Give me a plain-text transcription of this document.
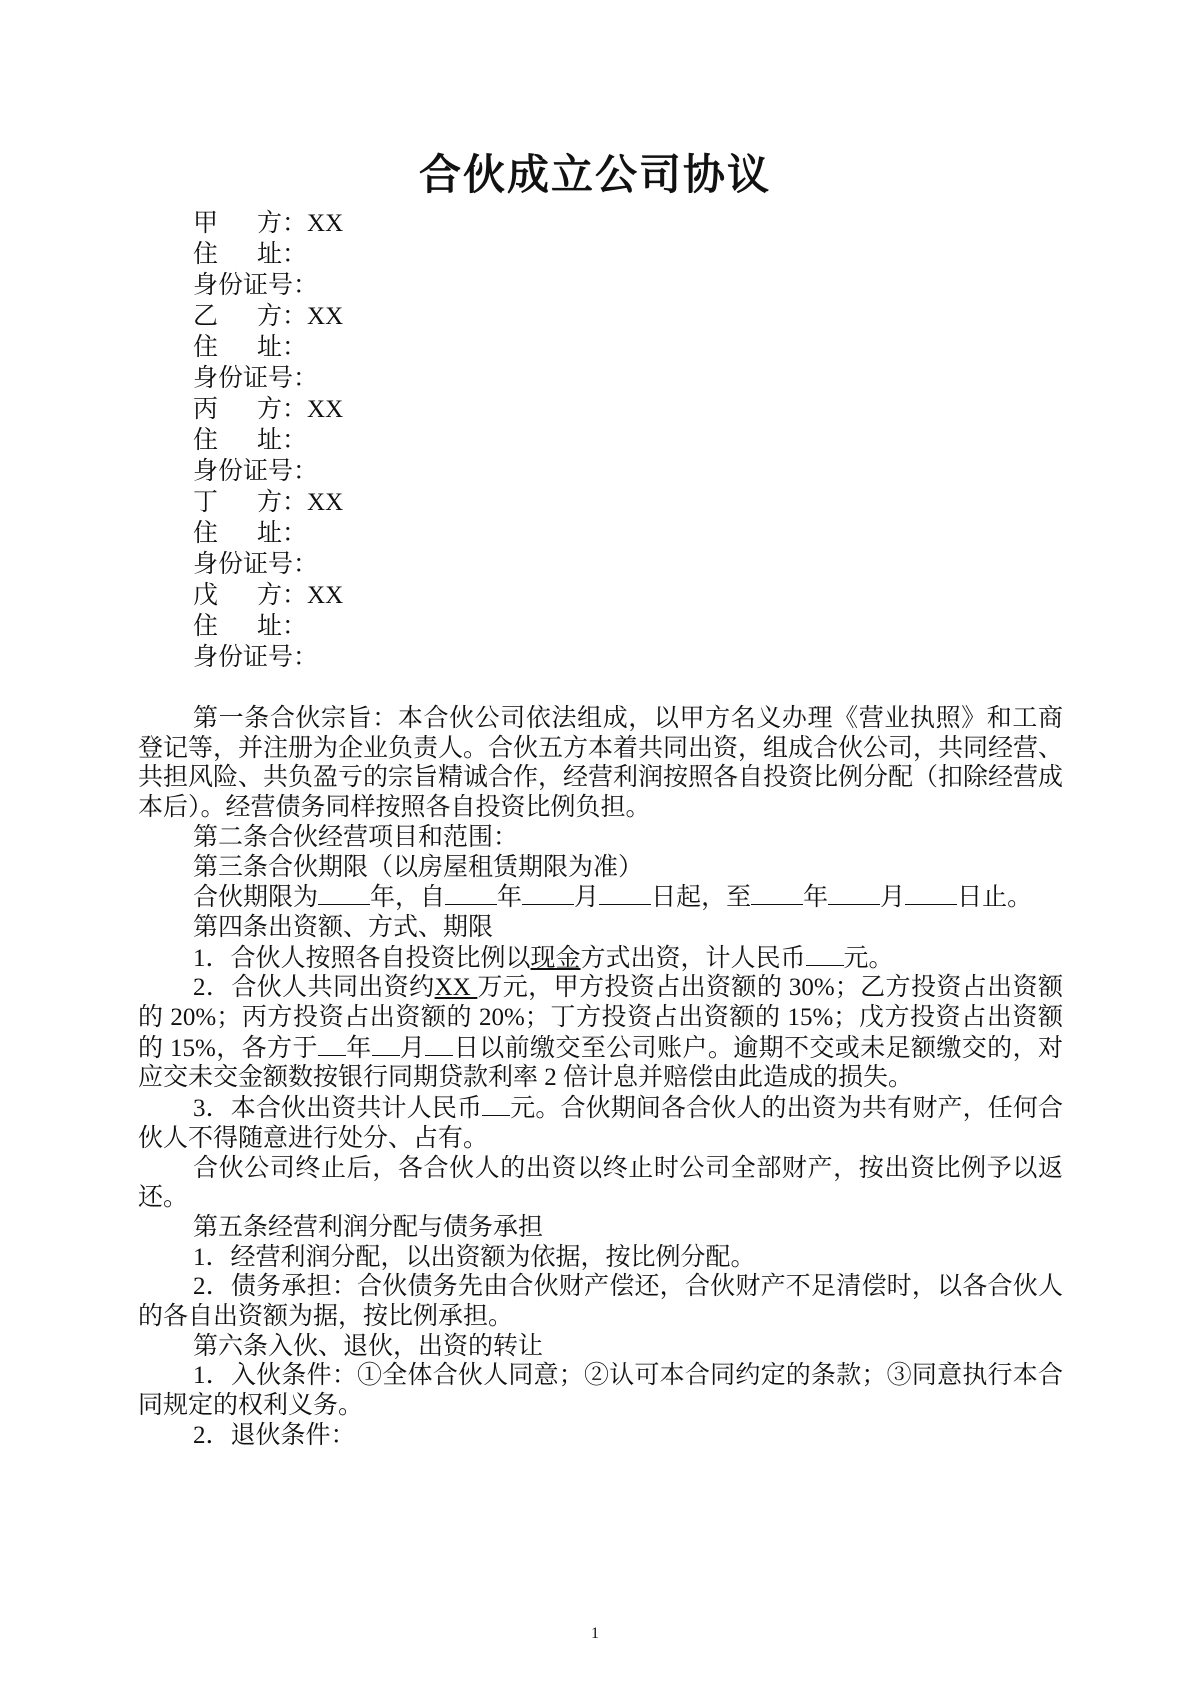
合伙成立公司协议
甲 方：XX
住 址：
身份证号：
乙 方：XX
住 址：
身份证号：
丙 方：XX
住 址：
身份证号：
丁 方：XX
住 址：
身份证号：
戊 方：XX
住 址：
身份证号：

第一条合伙宗旨：本合伙公司依法组成，以甲方名义办理《营业执照》和工商登记等，并注册为企业负责人。合伙五方本着共同出资，组成合伙公司，共同经营、共担风险、共负盈亏的宗旨精诚合作，经营利润按照各自投资比例分配（扣除经营成本后）。经营债务同样按照各自投资比例负担。

第二条合伙经营项目和范围：

第三条合伙期限（以房屋租赁期限为准）

合伙期限为 年，自 年 月 日起，至 年 月 日止。

第四条出资额、方式、期限

1．合伙人按照各自投资比例以现金方式出资，计人民币 元。

2．合伙人共同出资约XX 万元，甲方投资占出资额的 30%；乙方投资占出资额的 20%；丙方投资占出资额的 20%；丁方投资占出资额的 15%；戊方投资占出资额的 15%，各方于 年 月 日以前缴交至公司账户。逾期不交或未足额缴交的，对应交未交金额数按银行同期贷款利率 2 倍计息并赔偿由此造成的损失。

3．本合伙出资共计人民币 元。合伙期间各合伙人的出资为共有财产，任何合伙人不得随意进行处分、占有。

合伙公司终止后，各合伙人的出资以终止时公司全部财产，按出资比例予以返还。

第五条经营利润分配与债务承担

1．经营利润分配，以出资额为依据，按比例分配。

2．债务承担：合伙债务先由合伙财产偿还，合伙财产不足清偿时，以各合伙人的各自出资额为据，按比例承担。

第六条入伙、退伙，出资的转让

1．入伙条件：①全体合伙人同意；②认可本合同约定的条款；③同意执行本合同规定的权利义务。

2．退伙条件：

1
